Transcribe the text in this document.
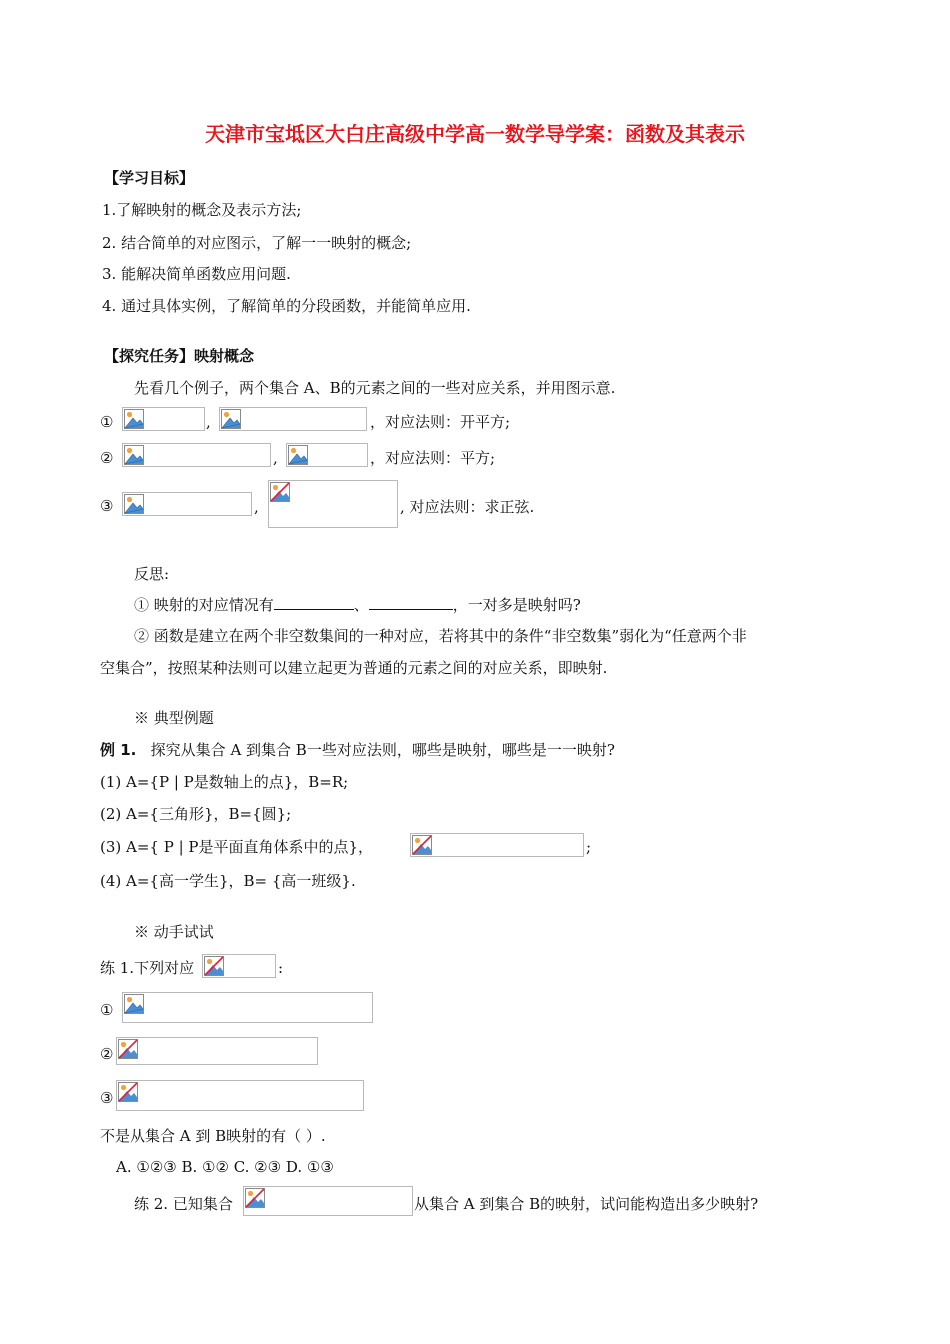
天津市宝坻区大白庄高级中学高一数学导学案：函数及其表示
【学习目标】
1.了解映射的概念及表示方法;
2. 结合简单的对应图示，了解一一映射的概念;
3. 能解决简单函数应用问题.
4. 通过具体实例，了解简单的分段函数，并能简单应用.
【探究任务】映射概念
先看几个例子，两个集合 A、B的元素之间的一些对应关系，并用图示意.
①	,	，对应法则：开平方;
②	,	，对应法则：平方;
③	,	, 对应法则：求正弦.
反思:
① 映射的对应情况有	、	，一对多是映射吗?
② 函数是建立在两个非空数集间的一种对应，若将其中的条件“非空数集”弱化为“任意两个非
空集合”，按照某种法则可以建立起更为普通的元素之间的对应关系，即映射.
※ 典型例题
例 1. 探究从集合 A 到集合 B一些对应法则，哪些是映射，哪些是一一映射?
(1) A={P | P是数轴上的点}，B=R;
(2) A={三角形}，B={圆};
(3) A={ P | P是平面直角体系中的点}，	;
(4) A={高一学生}，B= {高一班级}.
※ 动手试试
练 1.下列对应	:
①
②
③
不是从集合 A 到 B映射的有（ ）.
A. ①②③ B. ①② C. ②③ D. ①③
练 2. 已知集合	从集合 A 到集合 B的映射，试问能构造出多少映射?
